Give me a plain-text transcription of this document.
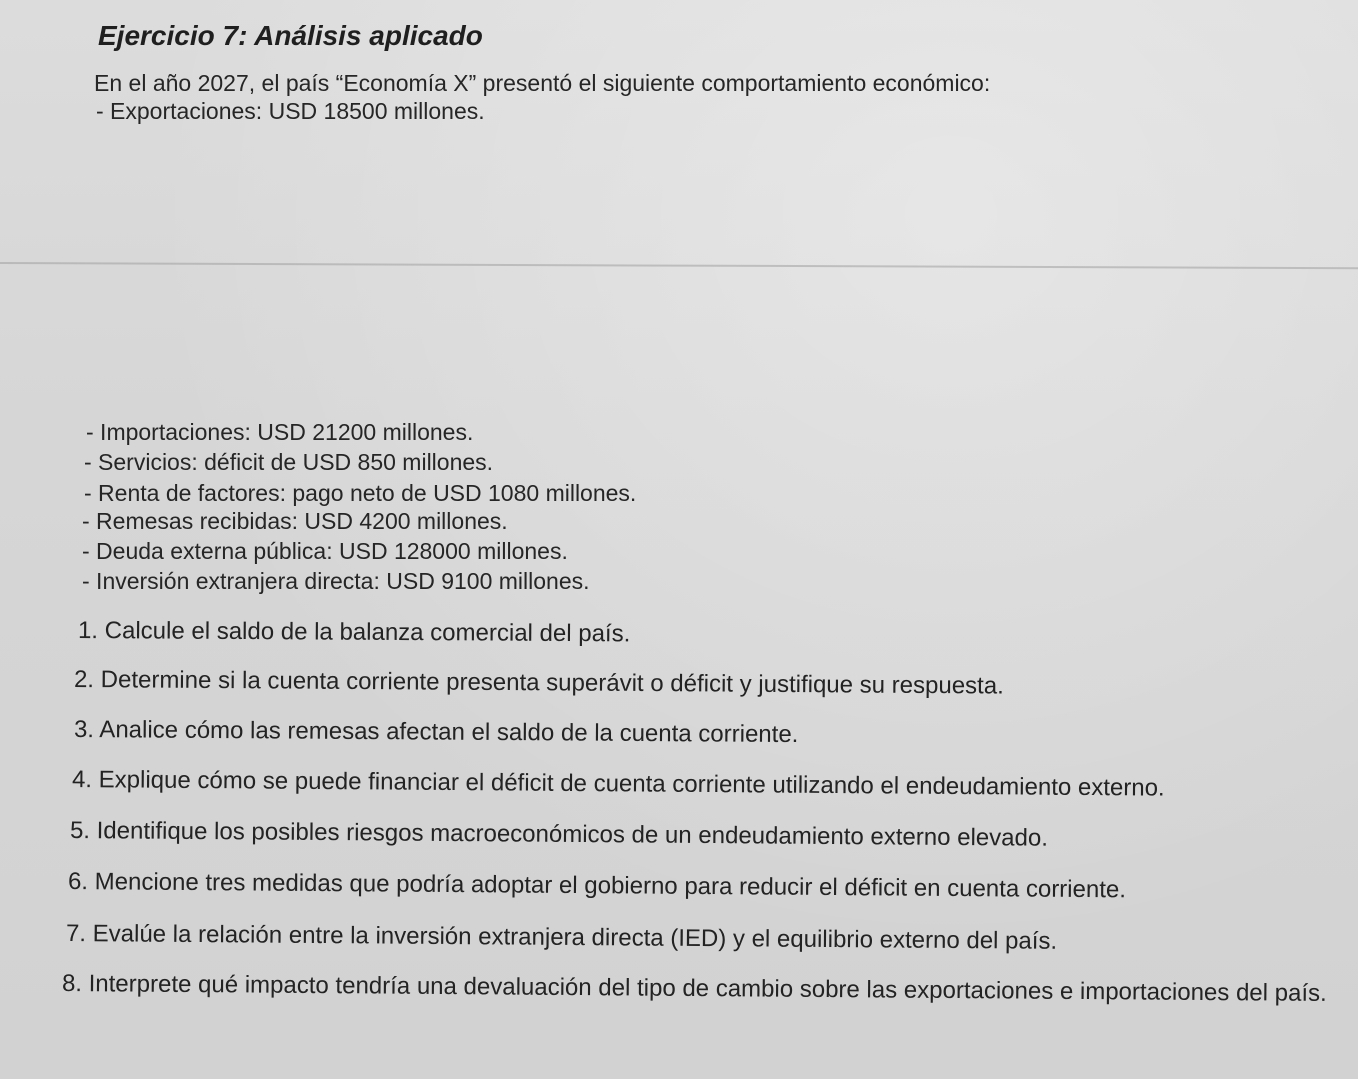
Ejercicio 7: Análisis aplicado
En el año 2027, el país “Economía X” presentó el siguiente comportamiento económico:
- Exportaciones: USD 18500 millones.
- Importaciones: USD 21200 millones.
- Servicios: déficit de USD 850 millones.
- Renta de factores: pago neto de USD 1080 millones.
- Remesas recibidas: USD 4200 millones.
- Deuda externa pública: USD 128000 millones.
- Inversión extranjera directa: USD 9100 millones.
1. Calcule el saldo de la balanza comercial del país.
2. Determine si la cuenta corriente presenta superávit o déficit y justifique su respuesta.
3. Analice cómo las remesas afectan el saldo de la cuenta corriente.
4. Explique cómo se puede financiar el déficit de cuenta corriente utilizando el endeudamiento externo.
5. Identifique los posibles riesgos macroeconómicos de un endeudamiento externo elevado.
6. Mencione tres medidas que podría adoptar el gobierno para reducir el déficit en cuenta corriente.
7. Evalúe la relación entre la inversión extranjera directa (IED) y el equilibrio externo del país.
8. Interprete qué impacto tendría una devaluación del tipo de cambio sobre las exportaciones e importaciones del país.
